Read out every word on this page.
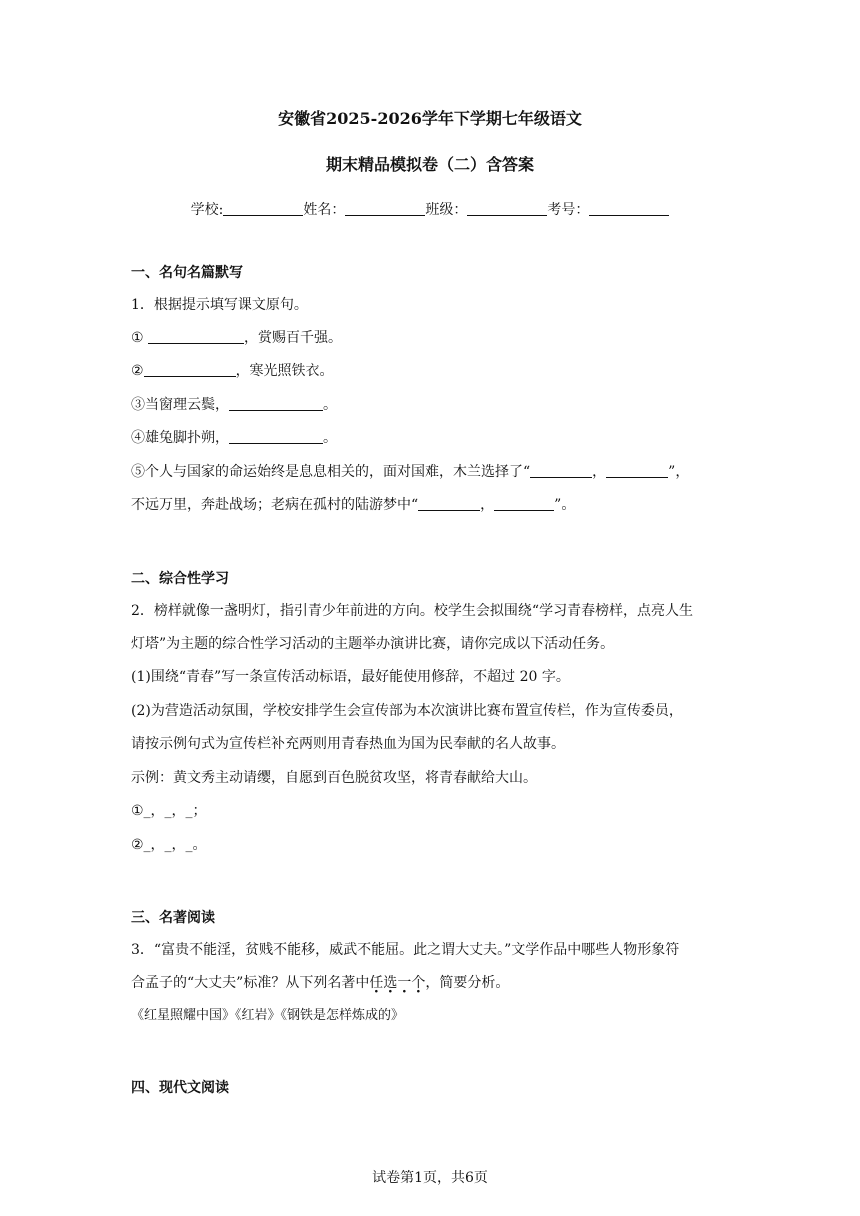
安徽省2025-2026学年下学期七年级语文
期末精品模拟卷（二）含答案
学校:	姓名：	班级：	考号：
一、名句名篇默写
1．根据提示填写课文原句。
①	，赏赐百千强。
②	，寒光照铁衣。
③当窗理云鬓，	。
④雄兔脚扑朔，	。
⑤个人与国家的命运始终是息息相关的，面对国难，木兰选择了“	，	”，
不远万里，奔赴战场；老病在孤村的陆游梦中“	，	”。
二、综合性学习
2．榜样就像一盏明灯，指引青少年前进的方向。校学生会拟围绕“学习青春榜样，点亮人生
灯塔”为主题的综合性学习活动的主题举办演讲比赛，请你完成以下活动任务。
(1)围绕“青春”写一条宣传活动标语，最好能使用修辞，不超过 20 字。
(2)为营造活动氛围，学校安排学生会宣传部为本次演讲比赛布置宣传栏，作为宣传委员，
请按示例句式为宣传栏补充两则用青春热血为国为民奉献的名人故事。
示例：黄文秀主动请缨，自愿到百色脱贫攻坚，将青春献给大山。
①_，_，_；
②_，_，_。
三、名著阅读
3．“富贵不能淫，贫贱不能移，威武不能屈。此之谓大丈夫。”文学作品中哪些人物形象符
合孟子的“大丈夫”标准？从下列名著中任选一个，简要分析。
《红星照耀中国》《红岩》《钢铁是怎样炼成的》
四、现代文阅读
试卷第1页，共6页
